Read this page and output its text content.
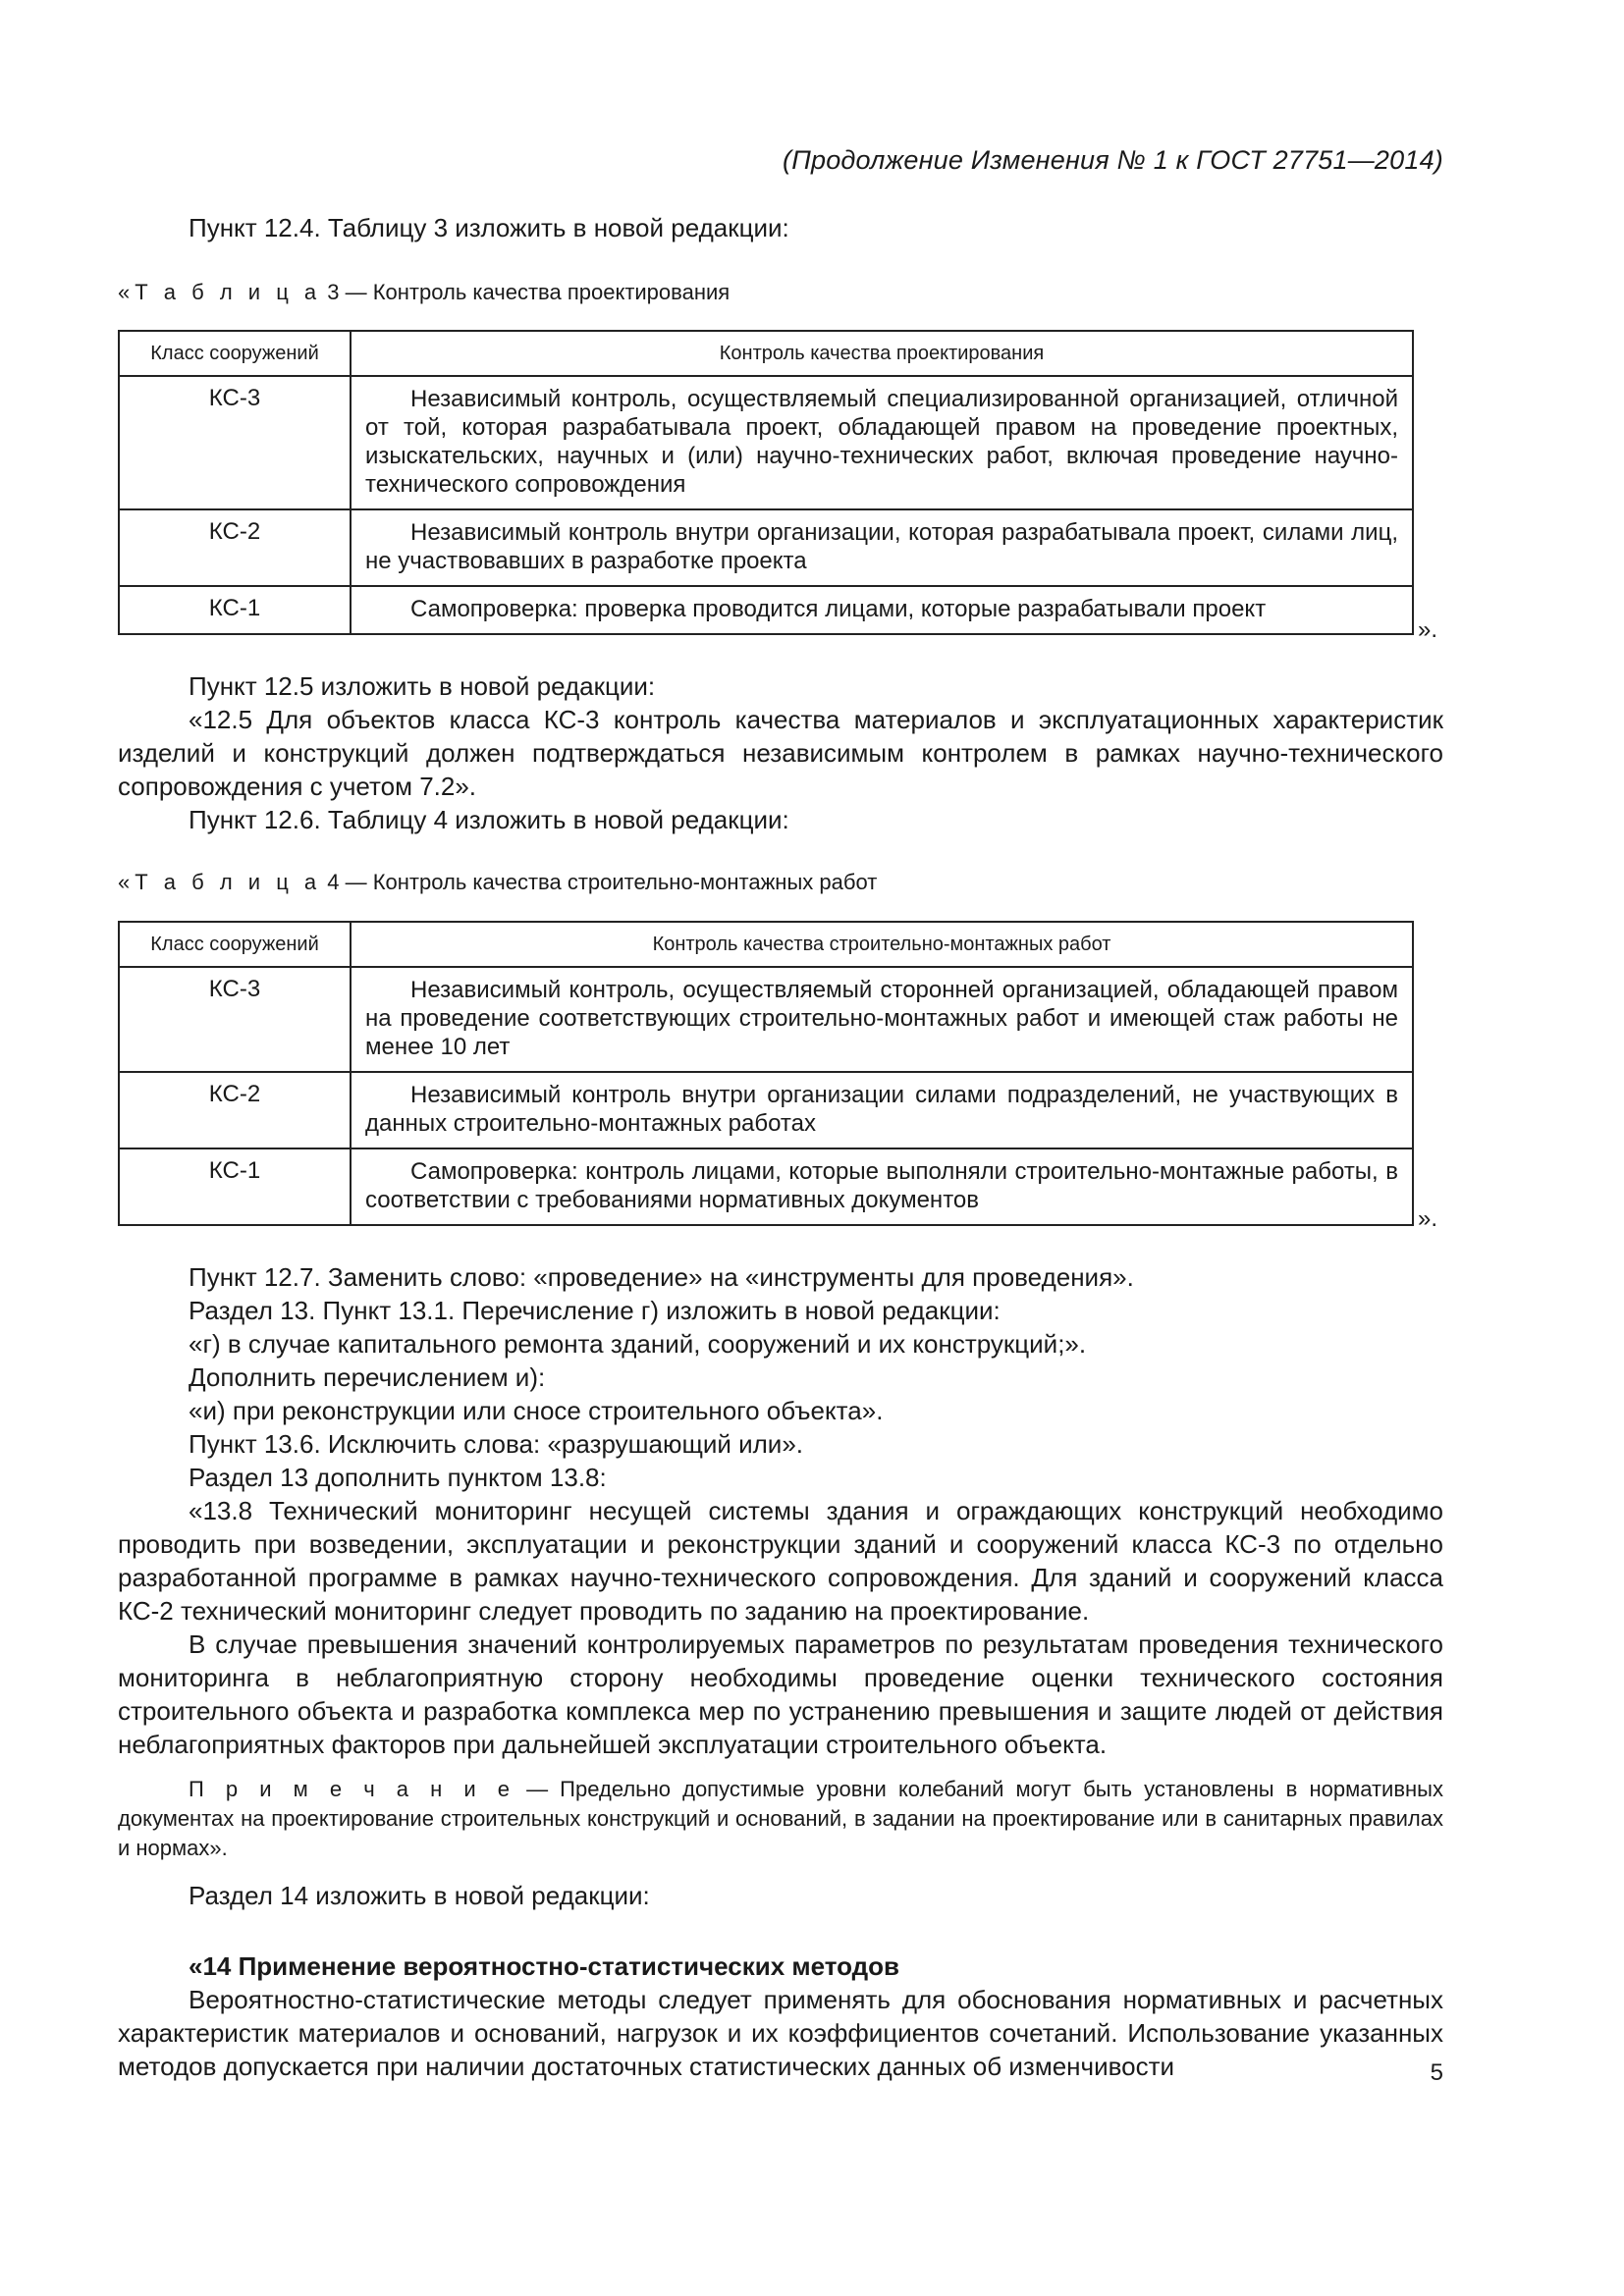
(Продолжение Изменения № 1 к ГОСТ 27751—2014)
Пункт 12.4. Таблицу 3 изложить в новой редакции:
«Т а б л и ц а 3 — Контроль качества проектирования
Класс сооружений	Контроль качества проектирования
КС-3	Независимый контроль, осуществляемый специализированной организацией, отличной от той, которая разрабатывала проект, обладающей правом на проведение проектных, изыскательских, научных и (или) научно-технических работ, включая проведение научно-технического сопровождения
КС-2	Независимый контроль внутри организации, которая разрабатывала проект, силами лиц, не участвовавших в разработке проекта
КС-1	Самопроверка: проверка проводится лицами, которые разрабатывали проект
».
Пункт 12.5 изложить в новой редакции:
«12.5 Для объектов класса КС-3 контроль качества материалов и эксплуатационных характеристик изделий и конструкций должен подтверждаться независимым контролем в рамках научно-технического сопровождения с учетом 7.2».
Пункт 12.6. Таблицу 4 изложить в новой редакции:
«Т а б л и ц а 4 — Контроль качества строительно-монтажных работ
Класс сооружений	Контроль качества строительно-монтажных работ
КС-3	Независимый контроль, осуществляемый сторонней организацией, обладающей правом на проведение соответствующих строительно-монтажных работ и имеющей стаж работы не менее 10 лет
КС-2	Независимый контроль внутри организации силами подразделений, не участвующих в данных строительно-монтажных работах
КС-1	Самопроверка: контроль лицами, которые выполняли строительно-монтажные работы, в соответствии с требованиями нормативных документов
».
Пункт 12.7. Заменить слово: «проведение» на «инструменты для проведения».
Раздел 13. Пункт 13.1. Перечисление г) изложить в новой редакции:
«г) в случае капитального ремонта зданий, сооружений и их конструкций;».
Дополнить перечислением и):
«и) при реконструкции или сносе строительного объекта».
Пункт 13.6. Исключить слова: «разрушающий или».
Раздел 13 дополнить пунктом 13.8:
«13.8 Технический мониторинг несущей системы здания и ограждающих конструкций необходимо проводить при возведении, эксплуатации и реконструкции зданий и сооружений класса КС-3 по отдельно разработанной программе в рамках научно-технического сопровождения. Для зданий и сооружений класса КС-2 технический мониторинг следует проводить по заданию на проектирование.
В случае превышения значений контролируемых параметров по результатам проведения технического мониторинга в неблагоприятную сторону необходимы проведение оценки технического состояния строительного объекта и разработка комплекса мер по устранению превышения и защите людей от действия неблагоприятных факторов при дальнейшей эксплуатации строительного объекта.
П р и м е ч а н и е — Предельно допустимые уровни колебаний могут быть установлены в нормативных документах на проектирование строительных конструкций и оснований, в задании на проектирование или в санитарных правилах и нормах».
Раздел 14 изложить в новой редакции:
«14 Применение вероятностно-статистических методов
Вероятностно-статистические методы следует применять для обоснования нормативных и расчетных характеристик материалов и оснований, нагрузок и их коэффициентов сочетаний. Использование указанных методов допускается при наличии достаточных статистических данных об изменчивости	5
